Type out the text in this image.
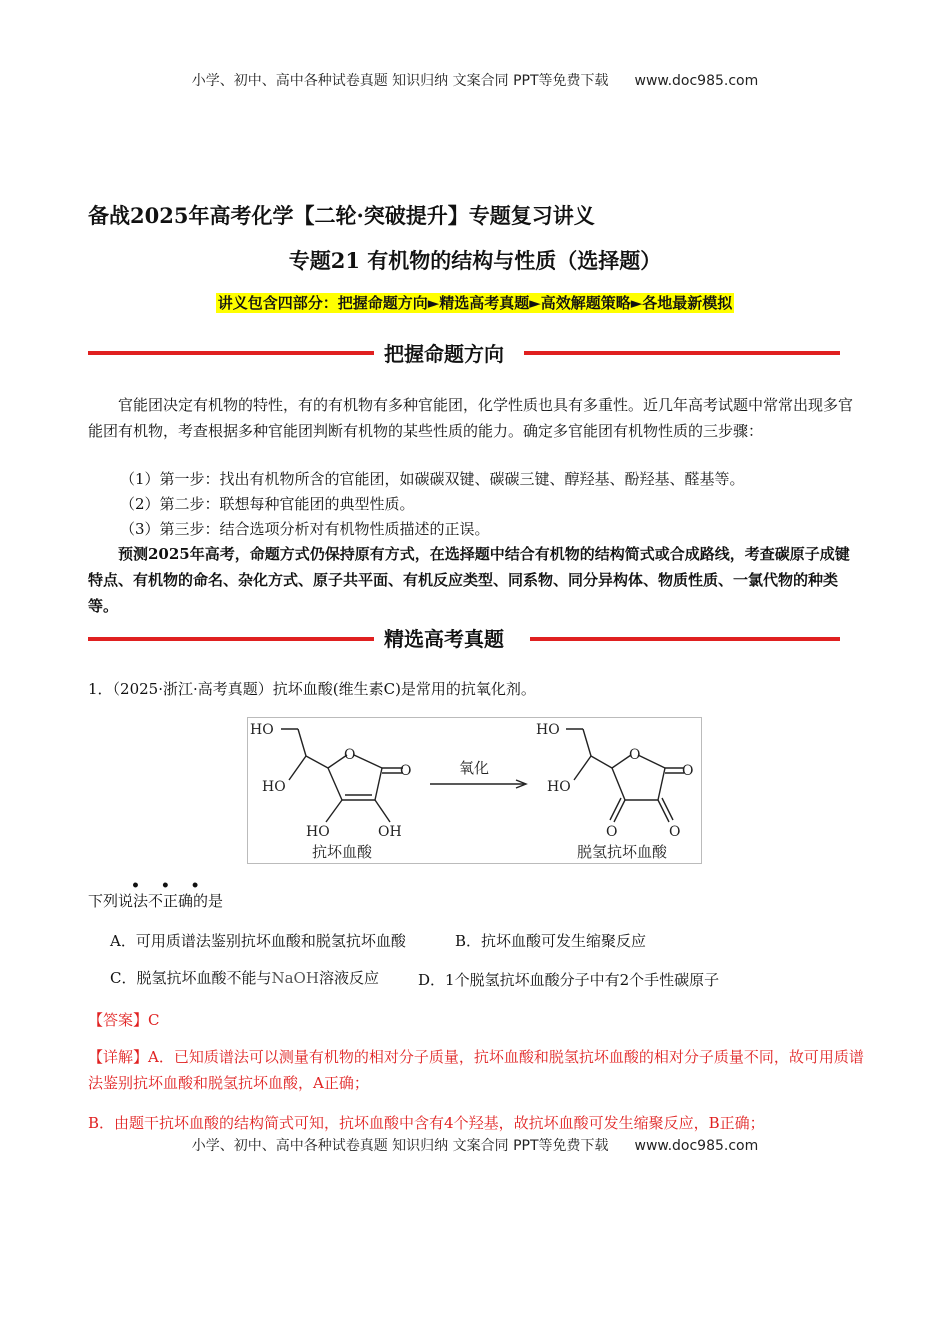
小学、初中、高中各种试卷真题 知识归纳 文案合同 PPT等免费下载 www.doc985.com
备战2025年高考化学【二轮·突破提升】专题复习讲义
专题21 有机物的结构与性质（选择题）
讲义包含四部分：把握命题方向►精选高考真题►高效解题策略►各地最新模拟
把握命题方向
官能团决定有机物的特性，有的有机物有多种官能团，化学性质也具有多重性。近几年高考试题中常常出现多官能团有机物，考查根据多种官能团判断有机物的某些性质的能力。确定多官能团有机物性质的三步骤：
（1）第一步：找出有机物所含的官能团，如碳碳双键、碳碳三键、醇羟基、酚羟基、醛基等。
（2）第二步：联想每种官能团的典型性质。
（3）第三步：结合选项分析对有机物性质描述的正误。
预测2025年高考，命题方式仍保持原有方式，在选择题中结合有机物的结构简式或合成路线，考查碳原子成键特点、有机物的命名、杂化方式、原子共平面、有机反应类型、同系物、同分异构体、物质性质、一氯代物的种类等。
精选高考真题
1．（2025·浙江·高考真题）抗坏血酸(维生素C)是常用的抗氧化剂。
HO
HO
O
O
HO	OH
氧化
HO
HO
O
O
O	O
抗坏血酸	脱氢抗坏血酸
• • •
下列说法不正确的是
A．可用质谱法鉴别抗坏血酸和脱氢抗坏血酸	B．抗坏血酸可发生缩聚反应
C．脱氢抗坏血酸不能与NaOH溶液反应	D．1个脱氢抗坏血酸分子中有2个手性碳原子
【答案】C
【详解】A．已知质谱法可以测量有机物的相对分子质量，抗坏血酸和脱氢抗坏血酸的相对分子质量不同，故可用质谱法鉴别抗坏血酸和脱氢抗坏血酸，A正确；
B．由题干抗坏血酸的结构简式可知，抗坏血酸中含有4个羟基，故抗坏血酸可发生缩聚反应，B正确；
小学、初中、高中各种试卷真题 知识归纳 文案合同 PPT等免费下载 www.doc985.com
